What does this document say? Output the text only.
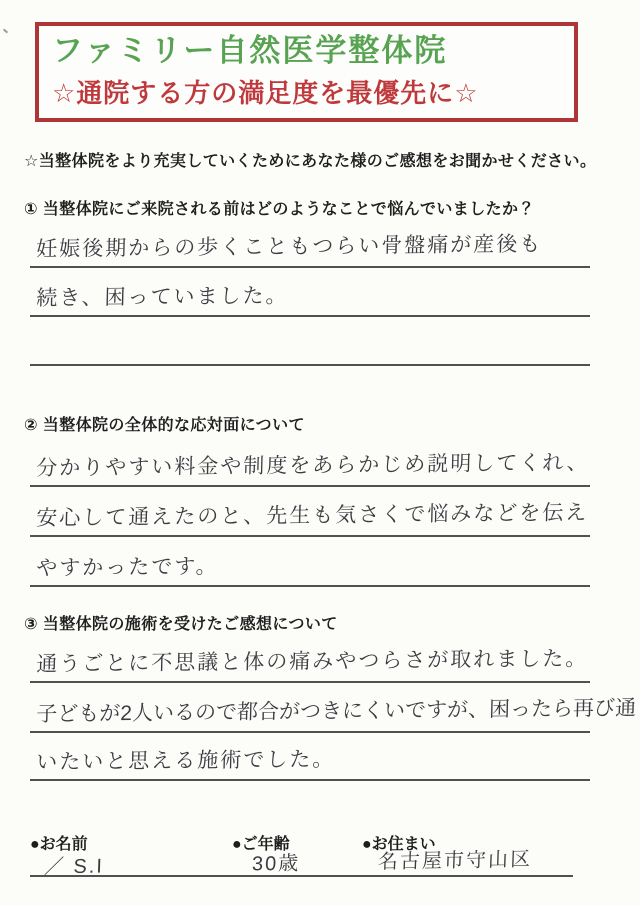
ファミリー自然医学整体院
☆通院する方の満足度を最優先に☆
☆当整体院をより充実していくためにあなた様のご感想をお聞かせください。
① 当整体院にご来院される前はどのようなことで悩んでいましたか？
妊娠後期からの歩くこともつらい骨盤痛が産後も
続き、困っていました。
② 当整体院の全体的な応対面について
分かりやすい料金や制度をあらかじめ説明してくれ、
安心して通えたのと、先生も気さくで悩みなどを伝え
やすかったです。
③ 当整体院の施術を受けたご感想について
通うごとに不思議と体の痛みやつらさが取れました。
子どもが2人いるので都合がつきにくいですが、困ったら再び通
いたいと思える施術でした。
●お名前	●ご年齢	●お住まい
／ S.I	30歳	名古屋市守山区
